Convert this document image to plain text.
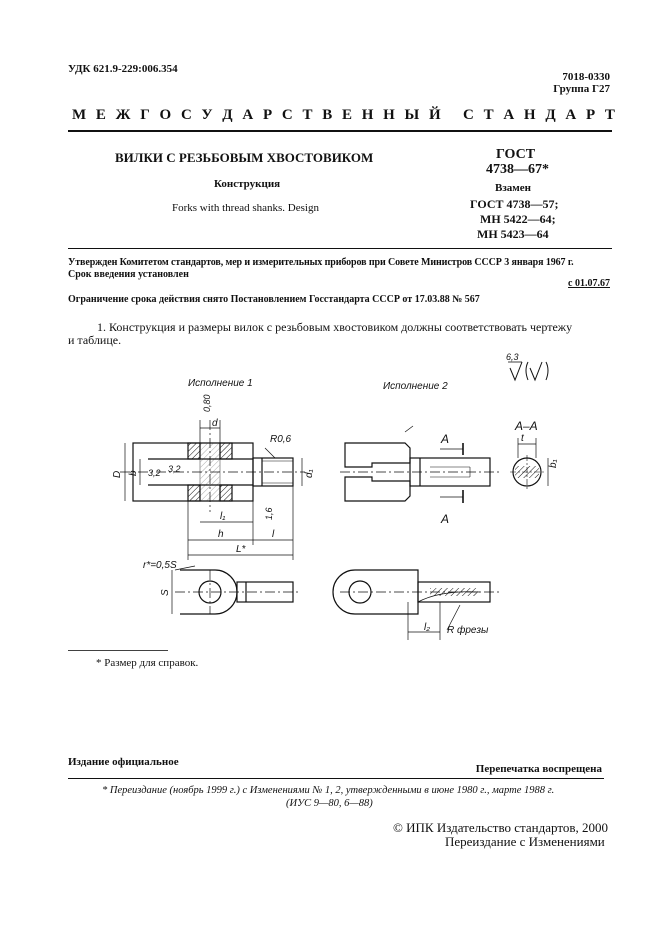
УДК 621.9-229:006.354
7018-0330
Группа Г27
М Е Ж Г О С У Д А Р С Т В Е Н Н Ы Й С Т А Н Д А Р Т
ВИЛКИ С РЕЗЬБОВЫМ ХВОСТОВИКОМ
Конструкция
Forks with thread shanks. Design
ГОСТ
4738—67*
Взамен
ГОСТ 4738—57;
МН 5422—64;
МН 5423—64
Утвержден Комитетом стандартов, мер и измерительных приборов при Совете Министров СССР 3 января 1967 г.
Срок введения установлен
с 01.07.67
Ограничение срока действия снято Постановлением Госстандарта СССР от 17.03.88 № 567
1. Конструкция и размеры вилок с резьбовым хвостовиком должны соответствовать чертежу
и таблице.
Исполнение 1	Исполнение 2
А–А
6,3
d
0,80
R0,6
D b	d₁
3,2 3,2
1,6
l₁
h	l
L*
r*=0,5S
S
А
А
t
b₁
l₂ R фрезы
* Размер для справок.
Издание официальное
Перепечатка воспрещена
* Переиздание (ноябрь 1999 г.) с Изменениями № 1, 2, утвержденными в июне 1980 г., марте 1988 г.
(ИУС 9—80, 6—88)
© ИПК Издательство стандартов, 2000
Переиздание с Изменениями
